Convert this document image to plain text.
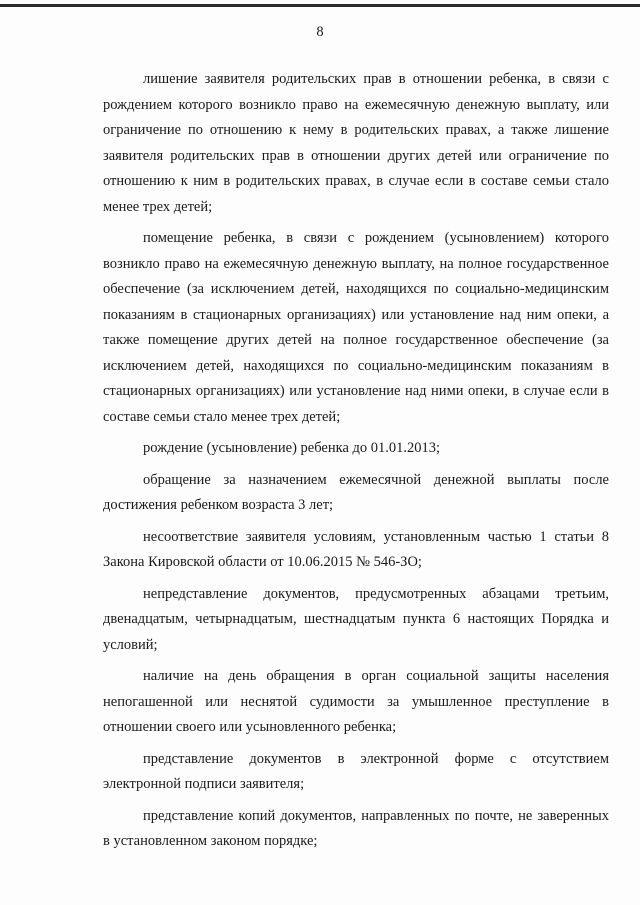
8

лишение заявителя родительских прав в отношении ребенка, в связи с рождением которого возникло право на ежемесячную денежную выплату, или ограничение по отношению к нему в родительских правах, а также лишение заявителя родительских прав в отношении других детей или ограничение по отношению к ним в родительских правах, в случае если в составе семьи стало менее трех детей;

помещение ребенка, в связи с рождением (усыновлением) которого возникло право на ежемесячную денежную выплату, на полное государственное обеспечение (за исключением детей, находящихся по социально-медицинским показаниям в стационарных организациях) или установление над ним опеки, а также помещение других детей на полное государственное обеспечение (за исключением детей, находящихся по социально-медицинским показаниям в стационарных организациях) или установление над ними опеки, в случае если в составе семьи стало менее трех детей;

рождение (усыновление) ребенка до 01.01.2013;

обращение за назначением ежемесячной денежной выплаты после достижения ребенком возраста 3 лет;

несоответствие заявителя условиям, установленным частью 1 статьи 8 Закона Кировской области от 10.06.2015 № 546-ЗО;

непредставление документов, предусмотренных абзацами третьим, двенадцатым, четырнадцатым, шестнадцатым пункта 6 настоящих Порядка и условий;

наличие на день обращения в орган социальной защиты населения непогашенной или неснятой судимости за умышленное преступление в отношении своего или усыновленного ребенка;

представление документов в электронной форме с отсутствием электронной подписи заявителя;

представление копий документов, направленных по почте, не заверенных в установленном законом порядке;
